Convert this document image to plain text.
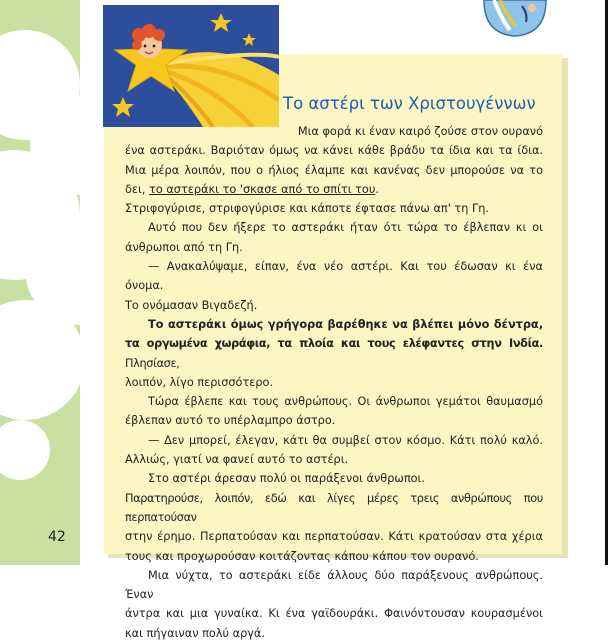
Το αστέρι των Χριστουγέννων

Μια φορά κι έναν καιρό ζούσε στον ουρανό

ένα αστεράκι. Βαριόταν όμως να κάνει κάθε βράδυ τα ίδια και τα ίδια.

Μια μέρα λοιπόν, που ο ήλιος έλαμπε και κανένας δεν μπορούσε να το

δει, το αστεράκι το 'σκασε από το σπίτι του.

Στριφογύρισε, στριφογύρισε και κάποτε έφτασε πάνω απ' τη Γη.

Αυτό που δεν ήξερε το αστεράκι ήταν ότι τώρα το έβλεπαν κι οι

άνθρωποι από τη Γη.

— Ανακαλύψαμε, είπαν, ένα νέο αστέρι. Και του έδωσαν κι ένα όνομα.

Το ονόμασαν Βιγαδεζή.

Το αστεράκι όμως γρήγορα βαρέθηκε να βλέπει μόνο δέντρα,

τα οργωμένα χωράφια, τα πλοία και τους ελέφαντες στην Ινδία. Πλησίασε,

λοιπόν, λίγο περισσότερο.

Τώρα έβλεπε και τους ανθρώπους. Οι άνθρωποι γεμάτοι θαυμασμό

έβλεπαν αυτό το υπέρλαμπρο άστρο.

— Δεν μπορεί, έλεγαν, κάτι θα συμβεί στον κόσμο. Κάτι πολύ καλό.

Αλλιώς, γιατί να φανεί αυτό το αστέρι.

Στο αστέρι άρεσαν πολύ οι παράξενοι άνθρωποι.

Παρατηρούσε, λοιπόν, εδώ και λίγες μέρες τρεις ανθρώπους που περπατούσαν

στην έρημο. Περπατούσαν και περπατούσαν. Κάτι κρατούσαν στα χέρια

τους και προχωρούσαν κοιτάζοντας κάπου κάπου τον ουρανό.

Μια νύχτα, το αστεράκι είδε άλλους δύο παράξενους ανθρώπους. Έναν

άντρα και μια γυναίκα. Κι ένα γαϊδουράκι. Φαινόντουσαν κουρασμένοι

και πήγαιναν πολύ αργά.

42
